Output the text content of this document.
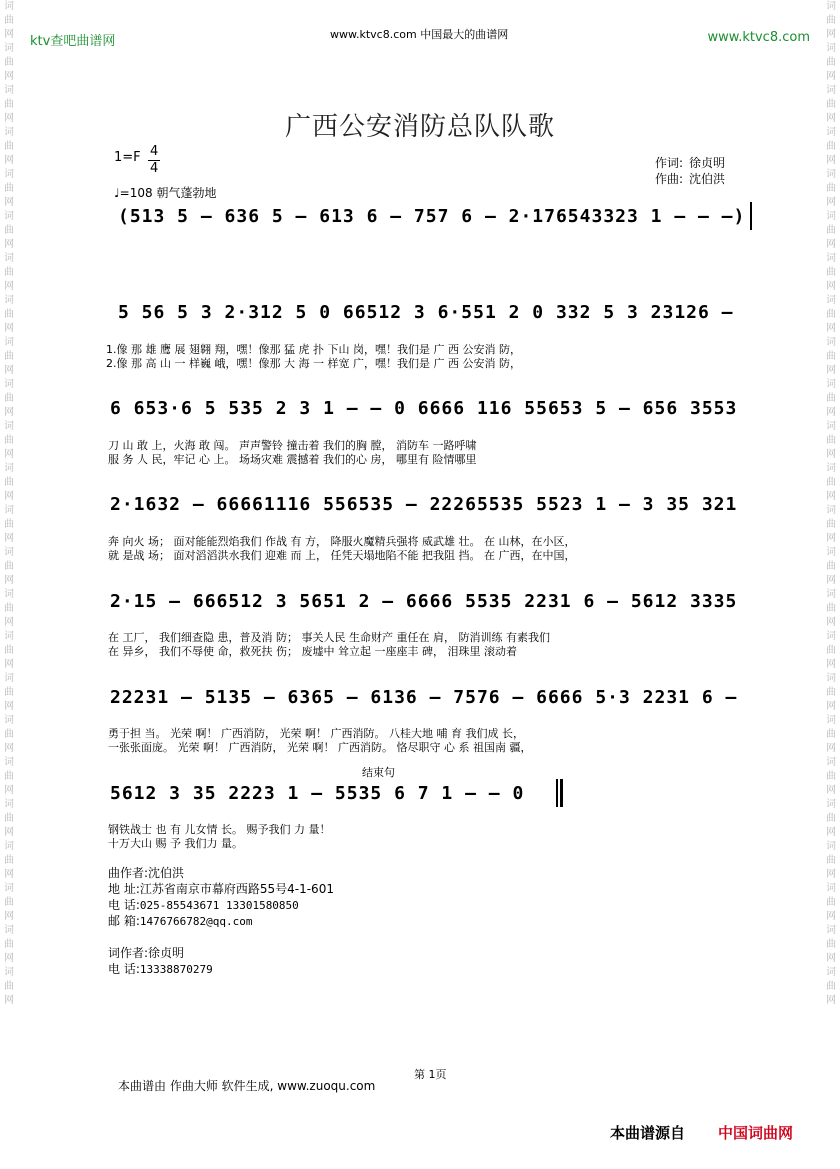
词曲网词曲网词曲网词曲网词曲网词曲网词曲网词曲网词曲网词曲网词曲网词曲网词曲网词曲网词曲网词曲网词曲网词曲网词曲网词曲网词曲网词曲网词曲网词曲网
词曲网词曲网词曲网词曲网词曲网词曲网词曲网词曲网词曲网词曲网词曲网词曲网词曲网词曲网词曲网词曲网词曲网词曲网词曲网词曲网词曲网词曲网词曲网词曲网
ktv查吧曲谱网	www.ktvc8.com 中国最大的曲谱网	www.ktvc8.com
广西公安消防总队队歌
1=F 4
4
♩=108 朝气蓬勃地
作词: 徐贞明
作曲: 沈伯洪
(513 5 — 636 5 — 613 6 — 757 6 — 2·176543323 1 — — —)
5 56 5 3 2·312 5 0 66512 3 6·551 2 0 332 5 3 23126 —
1.像 那 雄 鹰 展 翅翱 翔，嘿！像那 猛 虎 扑 下山 岗，嘿！我们是 广 西 公安消 防，
2.像 那 高 山 一 样巍 峨，嘿！像那 大 海 一 样宽 广，嘿！我们是 广 西 公安消 防，
6 653·6 5 535 2 3 1 — — 0 6666 116 55653 5 — 656 3553
刀 山 敢 上，火海 敢 闯。 声声警铃 撞击着 我们的胸 膛， 消防车 一路呼啸
服 务 人 民，牢记 心 上。 场场灾难 震撼着 我们的心 房， 哪里有 险情哪里
2·1632 — 66661116 556535 — 22265535 5523 1 — 3 35 321
奔 向火 场； 面对能能烈焰我们 作战 有 方， 降服火魔精兵强将 威武雄 壮。 在 山林，在小区，
就 是战 场； 面对滔滔洪水我们 迎难 而 上， 任凭天塌地陷不能 把我阻 挡。 在 广西，在中国，
2·15 — 666512 3 5651 2 — 6666 5535 2231 6 — 5612 3335
在 工厂， 我们细查隐 患，普及消 防； 事关人民 生命财产 重任在 肩， 防消训练 有素我们
在 异乡， 我们不辱使 命，救死扶 伤； 废墟中 耸立起 一座座丰 碑， 泪珠里 滚动着
22231 — 5135 — 6365 — 6136 — 7576 — 6666 5·3 2231 6 —
勇于担 当。 光荣 啊！ 广西消防， 光荣 啊！ 广西消防。 八桂大地 哺 育 我们成 长，
一张张面庞。 光荣 啊！ 广西消防， 光荣 啊！ 广西消防。 恪尽职守 心 系 祖国南 疆，
结束句
5612 3 35 2223 1 — 5535 6 7 1 — — 0
钢铁战士 也 有 儿女情 长。 赐予我们 力 量！
十万大山 赐 予 我们力 量。
曲作者:沈伯洪
地 址:江苏省南京市幕府西路55号4-1-601
电 话:025-85543671 13301580850
邮 箱:1476766782@qq.com
词作者:徐贞明
电 话:13338870279
第 1页
本曲谱由 作曲大师 软件生成, www.zuoqu.com
本曲谱源自 中国词曲网
